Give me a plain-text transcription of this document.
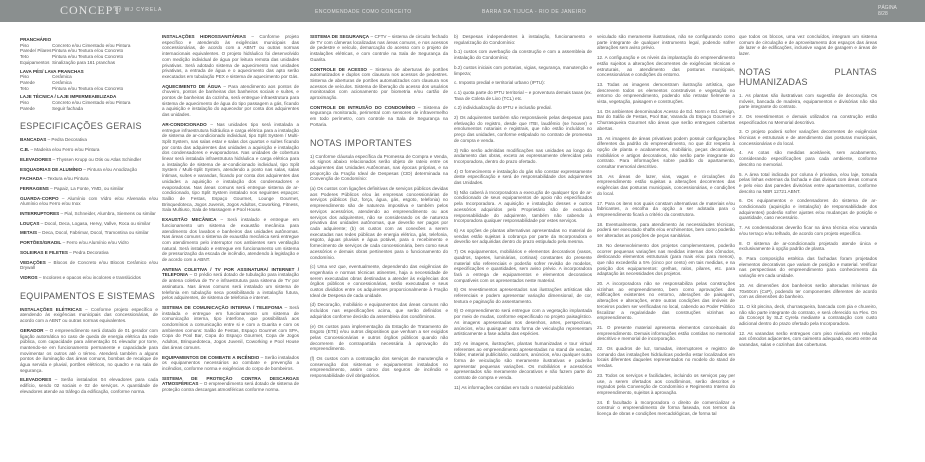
CONCEPT
by WJ CYRELA	ENCOMENDADE COMO CONCEITO	BARRA DA TIJUCA - RIO DE JANEIRO
PÁGINA
8/28
PRANCHÁRIO
Piso	Concreto e/ou Cimentado e/ou Pintura
Parede/ Pilares Pintura e/ou Textura e/ou Concreto
Teto	Pintura e/ou Textura e/ou Concreto
Equipamentos Sinalização para 161 pranchas
LAVA PÉS/ LAVA PRANCHAS
Piso	Cerâmica
Parede	Cerâmica
Teto	Pintura e/ou Textura e/ou Concreto
LAJE TÉCNICA / LAJE IMPERMEABILIZADA
Piso	Concreto e/ou Cimentado e/ou Pintura
Parede	Seguir fachada
ESPECIFICAÇÕES GERAIS
BANCADAS – Pedra Decorativa
C.B. – Madeira e/ou Ferro e/ou Pintura
ELEVADORES – Thyssen Krupp ou Otis ou Atlas Schindler
ESQUADRIAS DE ALUMÍNIO – Pintura e/ou Anodização
FACHADA – Textura e/ou Pintura
FERRAGENS – Papaiz, La Fonte, YMD, ou similar
GUARDA-CORPO – Alumínio com Vidro e/ou Alvenaria e/ou Alumínio e/ou Ferro e/ou Inox
INTERRUPTORES – Pial, Schneider, Alumbra, Siemens ou similar
LOUÇAS – Docol, Deca, Logasa, Hervy, Vallve, Roca ou similar
METAIS – Deca, Docol, Fabrimar, Docol, Tramontina ou similar
PORTÕES/GRADIL – Ferro e/ou Alumínio e/ou Vidro
SOLEIRAS E FILETES – Pedra Decorativa
VEDAÇÕES – Blocos de Concreto e/ou Blocos Cerâmico e/ou Drywall
VIDROS – Incolores e opacos e/ou incolores e translúcidos
EQUIPAMENTOS E SISTEMAS
INSTALAÇÕES ELÉTRICAS – Conforme projeto específico e atendendo às exigências municipais das concessionárias, de acordo com a ABNT ou outras normas equivalentes.
GERADOR – O empreendimento será dotado de 01 gerador com ligação automática no caso de queda de energia elétrica da rede pública, com capacidade para alimentação 01 elevador por torre, mantendo-se em funcionamento permanente e capacidade para movimentar os outros até o térreo. Atenderá também a alguns pontos de iluminação das áreas comuns, bombas de recalque de água servida e pluvial, portões elétricos, no quadro e na sala de segurança.
ELEVADORES – Serão instalados 04 elevadores para cada edifício, sendo 02 sociais e 02 de serviços. A quantidade de elevadores atende ao tráfego da edificação, conforme norma.
INSTALAÇÕES HIDROSSANITÁRIAS – Conforme projeto específico e atendendo às exigências municipais das concessionárias, de acordo com a ABNT ou outras normas internacionais equivalentes. O projeto hidráulico foi desenvolvido com medição individual de água por leitura remota das unidades privativas. Será adotado sistema de aquecimento nas unidades privativas, a entrada de água e o aquecimento das apto serão executados em tubulação PEX e sistema de aquecimento por Gás.
AQUECIMENTO DE ÁGUA – Para atendimento aos pontos de chuveiro, pontos de banheiras dos banheiros sociais e suítes, e pontos de banheiras da cozinha, será entregue infraestrutura para sistema de aquecimento de água do tipo passagem a gás, ficando a aquisição e instalação do aquecedor por conta dos adquirentes das unidades.
AR-CONDICIONADO – Nas unidades tipo será instalada a entregue infraestrutura hidráulica e carga elétrica para a instalação de sistema de ar-condicionado individual, tipo Split System / Multi-Split System, nas salas estar e salas dos quartos e suítes ficando por conta das adquirentes das unidades a aquisição e instalação dos condensadores e evaporadoras. Nas unidades de cobertura linear será instalada infraestrutura hidráulica e carga elétrica para a instalação de sistema de ar-condicionado individual, tipo Split System / Multi-Split System, atendendo a ponto nas salas, salas íntimas, suítes e varandas, ficando por conta dos adquirentes das unidades a aquisição e instalação dos condensadores e evaporadoras. Nas áreas comuns será entregue sistema de ar-condicionado, tipo Split System instalado nos seguintes espaços: Salão de Festas, Espaço Gourmet, Lounge Gourmet, Brinquedoteca, Jogos Juvenis, Jogos Adultos, Coworking, Fitness, Sala Multiuso, Sala de Massagem e Pool House.
EXAUSTÃO MECÂNICA – Será instalado e entregue em funcionamento um sistema de exaustão mecânica para atendimento dos lavabos e banheiros das unidades autônomas. Nas áreas comuns o sistema de exaustão mecânica será entregue com atendimento pelo interruptor nos ambientes sem ventilação natural. Será instalado e entregue em funcionamento um sistema de pressurização da escada de incêndio, atendendo à legislação e de acordo com a ABNT.
ANTENA COLETIVA / TV POR ASSINATURA/ INTERNET / TELEFONIA – O prédio será dotado de tubulação para instalação de antena coletiva de TV e infraestrutura para sistema de TV por assinatura. Nas áreas comuns será instalado um sistema de telefonia em tubulação seca possibilitando a instalação futura, pelos adquirentes, de sistema de telefonia e internet.
SISTEMA DE COMUNICAÇÃO INTERNA / TELEFONIA – Será instalada e entregue em funcionamento um sistema de comunicação interna, tipo interfone, que possibilitará aos condomínios a comunicação entre si e com a Guarita e com os ambientes comuns: Salão de Festas, Espaço Gourmet com SPA, Copa do Pool Bar, Copa do Espaço Gourmet, Copa de Jogos Adultos, Brinquedoteca, Jogos Juvenil, Coworking e Pool House das áreas comuns.
EQUIPAMENTOS DE COMBATE A INCÊNDIO – Serão instalados os equipamentos necessários ao combate e prevenção a incêndios, conforme norma e exigências do corpo de bombeiros.
SISTEMA DE PROTEÇÃO CONTRA DESCARGAS ATMOSFÉRICAS – O empreendimento será dotado de sistema de proteção contra descargas atmosféricas conforme norma.
SISTEMA DE SEGURANÇA – CFTV – sistema de circuito fechado de TV com câmeras localizadas nas áreas comuns, e nos acessos de pedestre e veículo, demarcação do acesso com o projeto de instalações elétricas, e com controle na Sala de Segurança da Guarita.
CONTROLE DE ACESSO – Sistema de aberturas de portões automatizados e duplos com clausura nos acessos de pedestres. Sistema de aberturas de portões automatizados com clausura nos acessos de veículos. Sistema de liberação do acesso dos usuários monitorados com acionamento por biometria e/ou cartão de aproximação.
CONTROLE DE INTRUSÃO DO CONDOMÍNIO – Sistema de segurança monitorado, perimetral com sensores de infravermelho em todo perímetro, com controle na Sala de Segurança na Portaria.
NOTAS IMPORTANTES
1) Conforme cláusula específica da Promessa de Compra e Venda, os signos abaixo relacionados serão objeto de rateio entre os adquirentes das Unidades Autônomas, nas épocas próprias, e na proporção da Fração Ideal de Despesas (CID) determinada na Convenção de Condomínio:
(a) Os custos com ligações definitivas de serviços públicos devidas aos Poderes Públicos e/ou às empresas concessionárias de serviços públicos (luz, força, água, gás, esgoto, telefonia) no empreendimento são de natureza impositiva e também pelos serviços acessórios, atendendo ao empreendimento ou aos serviços dos adquirentes, não se considerando os de natureza privativa das unidades autônomas, que deverão ser pagos por cada adquirente; (b) os custos com as conexões a serem executadas nas redes públicas de energia elétrica, gás, telefonia, esgoto, águas pluviais e água potável, para o recebimento e fornecimento de serviços de cada concessionária, bem como seus acessórios e demais obras pertinentes para o funcionamento do condomínio.
(c) Uma vez que, eventualmente, dependendo das exigências de engenharia e normas técnicas atinentes, haja a necessidade de serem executadas obras destinadas a atender às exigências dos órgãos públicos e concessionárias, serão executadas e seus custos divididos entre os adquirentes proporcionalmente à Fração Ideal de Despesa de cada unidade.
(d) Decoração, mobiliário e equipamentos das áreas comuns não incluídos nas especificações acima, que serão definidos e adquiridos conforme decisão da assembleia dos condôminos.
(e) Os custos para implementação da Estação de Tratamento de Esgoto (ETE) e/ou outros dispositivos que venham a ser exigidos pelas Concessionárias e outros órgãos públicos quando não decorrerem de contrapartida necessária à aprovação do empreendimento.
(f) Os custos com a contratação dos serviços de manutenção e conservação dos sistemas e equipamentos instalados no empreendimento, assim como dos seguros de incêndio e responsabilidade civil obrigatórios.
b) Despesas independentes à instalação, funcionamento e regularização do Condomínio:
b.1) custos com averbação da construção e com a assembleia de instalação do Condomínio;
b.2) custos iniciais com portarias, vigias, segurança, manutenção e limpeza;
c. Imposto predial e territorial urbano (IPTU):
c.1) quota parte do IPTU territorial – e porventura demais taxas (ex. Taxa de Coleta de Lixo (TCL) etc.
c.2) individualização do IPTU e inclusão predial.
2) Os adquirentes também são responsáveis pelas despesas para efetivação do registro, desde que ITBI, laudêmio (se houver) e emolumentos notariais e registrais, que não estão incluídos no preço das unidades, conforme estipulado no contrato de promessa de compra e venda.
3) Não serão admitidas modificações nas unidades ao longo do andamento das obras, exceto as expressamente oferecidas pela Incorporadora, dentro do prazo ofertado.
4) O fornecimento e instalação do gás não constar expressamente deste especificação e será de responsabilidade dos adquirentes das Unidades.
5) Não caberá à Incorporadora a execução de qualquer tipo de ar-condicionado de seus equipamentos de apoio não especificados pela Incorporadora. A aquisição e instalação desses e outros acessórios adquiridos pelo Proprietário são de exclusiva responsabilidade do adquirente, também não cabendo à Incorporadora qualquer responsabilidade por estes serviços.
6) As opções de plantas alternativas apresentadas no material de vendas estão sujeitas à cobrança por parte da Incorporadora e deverão ser adquiridas dentro do prazo estipulado pela mesma.
7) Os equipamentos, mobiliários e elementos decorativos (vasos, quadros, tapetes, luminárias, cortinas) constantes do presente material são referenciais e poderão sofrer revisão de modelos, especificações e quantidades, sem aviso prévio. A incorporadora fará a entrega de equipamentos e elementos decorativos compatíveis com os apresentados neste material.
8) Os revestimentos apresentados nas ilustrações artísticas são referenciais e podem apresentar variação dimensional, de cor, textura e paginação do assentamento.
9) O empreendimento será entregue com a vegetação implantada por meio de mudas, conforme especificado no projeto paisagístico. As imagens apresentadas nos desenhos, artes, perspectivas, anúncios, e/ou quaisquer outra forma de veiculação representam artisticamente a fase adulta das espécies.
10) As imagens, ilustrações, plantas humanizadas e tour virtual referentes ao empreendimento apresentadas no stand de vendas, folder, material publicitário, outdoors, anúncios, e/ou qualquer outra forma de veiculação são meramente ilustrativas e poderão apresentar pequenas variações. Os mobiliários e acessórios apresentados são meramente decorativos e não fazem parte do contrato de compra e venda.
11) As informações contidas em todo o material publicitário
veiculado são meramente ilustrativas, não se configurando como parte integrante de qualquer instrumento legal, podendo sofrer alterações sem aviso prévio.
12. A configuração e os níveis da implantação do empreendimento estão sujeitos a alterações decorrentes de exigências técnicas e estruturais, ao atendimento das posturas municipais, concessionárias e condições do entorno.
13. Todas as imagens demonstram ilustração artística, que descrevem todos os elementos construtivos e vegetação no entorno do empreendimento, podendo não retratar fielmente a vista, vegetação, paisagem e construções.
14. Os ambientes denominados Acesso de Ed. Norm e Ed. Design, Bar do Salão de Festas, Pool Bar, Varanda do Espaço Gourmet e Churrasqueira Gourmet são áreas que serão entregues cobertas abertas.
15. As imagens de áreas privativas podem possuir configurações diferentes da padrão do empreendimento, no que diz respeito à opção de planta e acabamentos, mobiliário, peças decorativas, mobiliários e artigos decorativos, não serão parte integrante do contrato. Para informações sobre padrão do apartamento, consultar memorial descritivo.
16. As áreas de lazer, vias, vagas e circulações do empreendimento estão sujeitas a alterações decorrentes das exigências das posturas municipais, concessionárias, e condições do local.
17. Para os itens nos quais constam alternativas de materiais e/ou fabricantes, a escolha da opção a ser adotada para o empreendimento ficará a critério da construtora.
18. Eventualmente, para atendimento às necessidades técnicas, poderá ser executado shafts e/ou enchimentos, bem como poderão ser alterados as posições de peças sanitárias.
19. No desenvolvimento dos projetos complementares, poderão ocorrer pequenas variações nas medidas internas dos cômodos, deslocando elementos estruturais (para mais e/ou para menos), que não excederão a 5% (cinco por cento) em tais medidas, e na posição dos equipamentos: grelhas, ralos, pilares, etc. para adaptação às necessidades dos projetos.
20. A incorporadora não se responsabiliza pelas construções vizinhas ao empreendimento, bem como aprovações das edificações existentes no entorno, alterações de paisagem, alterações e alterações, entre outras condições das imóveis de terceiros podem ser verificadas no local, cabendo ao Poder Público fiscalizar a regularidade das construções vizinhas ao empreendimento.
21. O presente material apresenta elementos conceituais do empreendimento. Demais informações estão contidas no memorial descritivo e memorial de incorporação.
22. Os quadros de luz, tomadas, interruptores e registro de comando das instalações hidráulicas poderão estar localizados em locais diferentes daqueles representados no modelo do stand de vendas.
23. Todos os serviços e facilidades, incluindo os serviços pay per use, a serem ofertados aos condôminos, serão descritos e regrados pela Convenção de Condomínio e Regimento Interno do empreendimento, sujeitos à aprovação.
24. É facultado à Incorporadora o direito de comercializar e construir o empreendimento de forma faseada, nos termos da licença de obras e condições mercadológicas, de forma tal
que todos os blocos, uma vez concluídos, integram um sistema comum de circulação e de aproveitamento dos espaços das áreas de lazer e de edificações, inclusive vagas de garagem e áreas de lazer.
NOTAS PLANTAS HUMANIZADAS
1. As plantas são ilustrativas com sugestão de decoração. Os móveis, bancada de madeira, equipamentos e divisórias não são parte integrante do contrato.
2. Os revestimentos e demais utilizados na construção estão especificados no Memorial descritivo.
3. O projeto poderá sofrer variações decorrentes de exigências técnicas e estruturais e de atendimento das posturas municipais, concessionárias e do local.
4. As cotas são medidas aceitáveis, sem acabamento, considerando especificações para cada ambiente, conforme descrito no memorial.
5. A área total indicada por coluna é privativa, e/ou laje, tomada pelas linhas externas da fachada e das divisas com áreas comuns e pelo eixo das paredes divisórias entre apartamentos, conforme descrito na NBR 12721 ABNT.
6. Os equipamentos e condensadores do sistema de ar-condicionado (aquisição e instalação) de responsabilidade dos adquirentes) poderão sofrer ajustes e/ou mudanças de posição e quantidade, caso necessário.
7. As condensadoras deverão ficar na área técnica e/ou varanda e/ou terraço e/ou telhado, de acordo com projeto específico.
8. O sistema de ar-condicionado projetado atende única e exclusivamente à opção padrão de planta.
9. Para composição estética das fachadas foram projetados elementos decorativos que variam de posição e material. Verificar nas perspectivas do empreendimento para conhecimento da variação em cada unidade.
10. As dimensões dos banheiros serão alteradas mínimas de 70x60cm (CxP), podendo ter componentes diferentes de acordo com as dimensões do banheiro.
11. O kit piscina, deck, churrasqueira, bancada com pia e chuveiro, não são parte integrante do contrato, e será oferecido na Flex. On da Concept by SLZ Cyrela mediante a contratação com custo adicional dentro do prazo ofertado pela Incorporadora.
12. As varandas serão entregues com piso nivelado em relação aos cômodos adjacentes, com caimento adequado, exceto entre as varandas, salas e cozinhas das coberturas.
